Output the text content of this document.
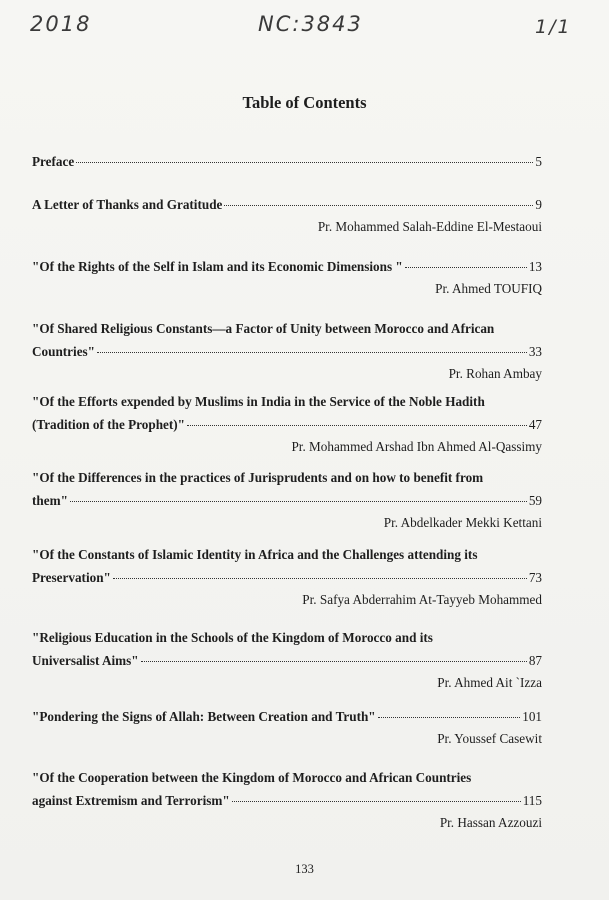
2018	NC:3843	1/1
Table of Contents
Preface	5
A Letter of Thanks and Gratitude	9
Pr. Mohammed Salah-Eddine El-Mestaoui
"Of the Rights of the Self in Islam and its Economic Dimensions "	13
Pr. Ahmed TOUFIQ
"Of Shared Religious Constants—a Factor of Unity between Morocco and African
Countries"	33
Pr. Rohan Ambay
"Of the Efforts expended by Muslims in India in the Service of the Noble Hadith
(Tradition of the Prophet)"	47
Pr. Mohammed Arshad Ibn Ahmed Al-Qassimy
"Of the Differences in the practices of Jurisprudents and on how to benefit from
them"	59
Pr. Abdelkader Mekki Kettani
"Of the Constants of Islamic Identity in Africa and the Challenges attending its
Preservation"	73
Pr. Safya Abderrahim At-Tayyeb Mohammed
"Religious Education in the Schools of the Kingdom of Morocco and its
Universalist Aims"	87
Pr. Ahmed Ait `Izza
"Pondering the Signs of Allah: Between Creation and Truth"	101
Pr. Youssef Casewit
"Of the Cooperation between the Kingdom of Morocco and African Countries
against Extremism and Terrorism"	115
Pr. Hassan Azzouzi
133
